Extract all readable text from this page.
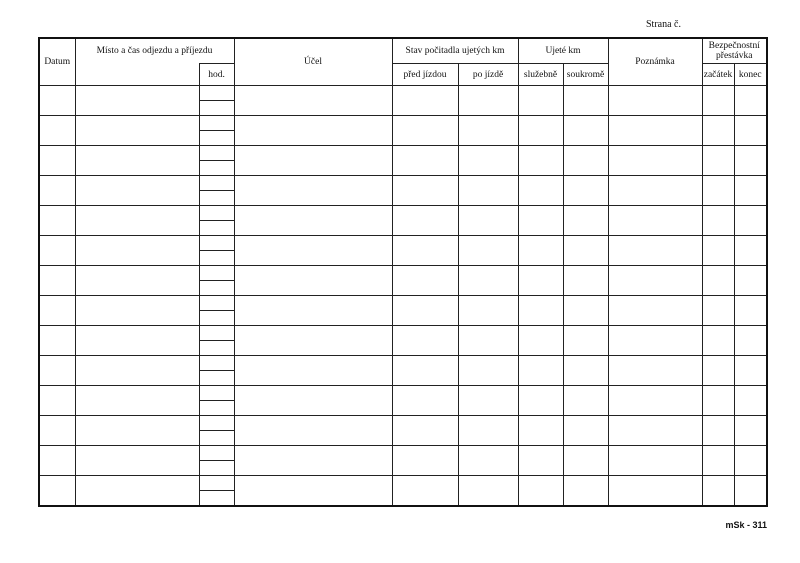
Strana č.
Datum	Místo a čas odjezdu a příjezdu		Účel	Stav počitadla ujetých km		Ujeté km		Poznámka	Bezpečnostní přestávka	
		hod.		před jízdou	po jízdě	služebně	soukromě		začátek	konec

mSk - 311
